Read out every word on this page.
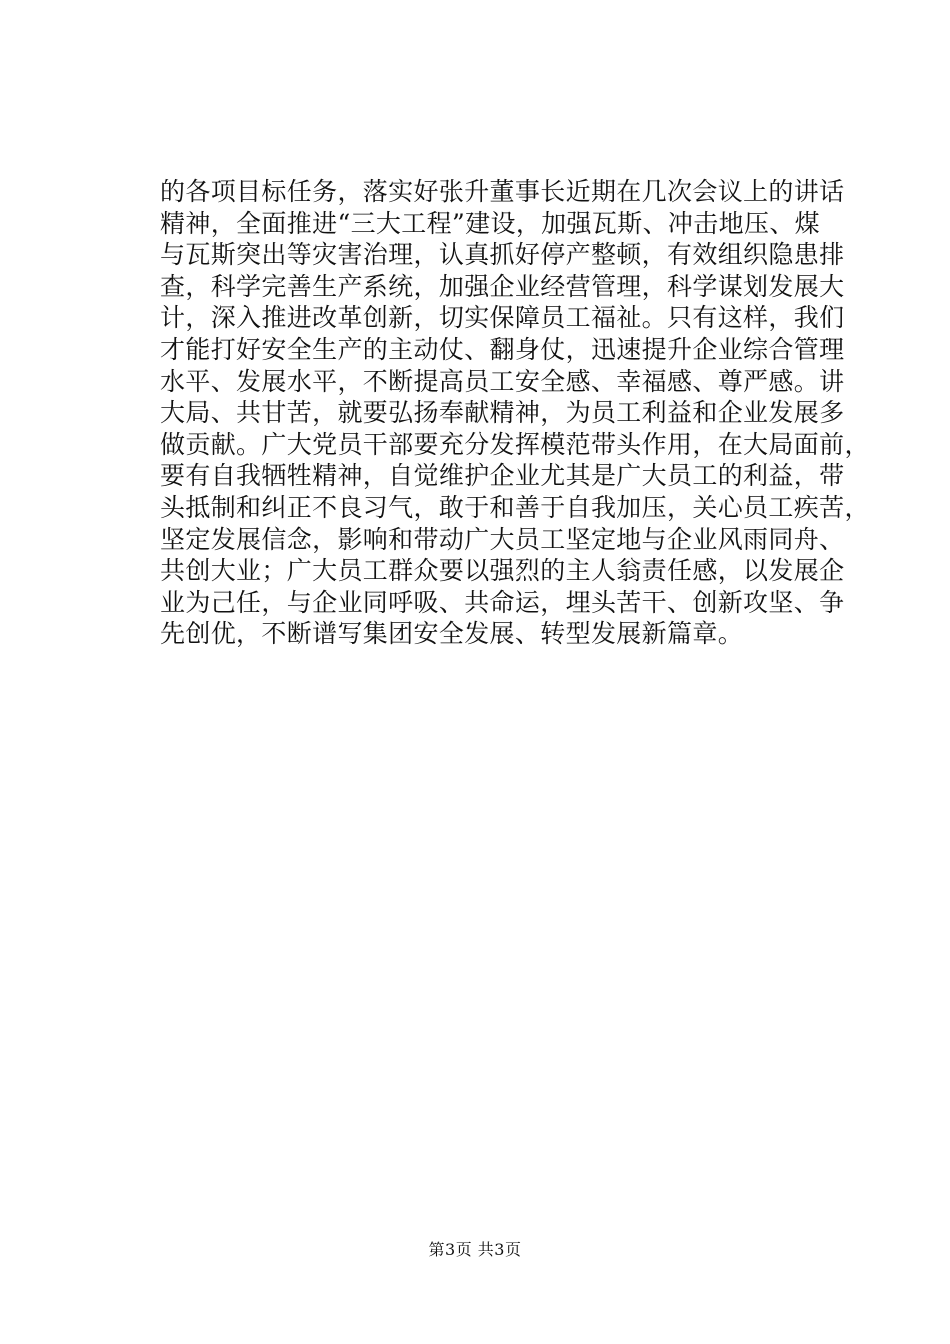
的各项目标任务，落实好张升董事长近期在几次会议上的讲话
精神，全面推进“三大工程”建设，加强瓦斯、冲击地压、煤
与瓦斯突出等灾害治理，认真抓好停产整顿，有效组织隐患排
查，科学完善生产系统，加强企业经营管理，科学谋划发展大
计，深入推进改革创新，切实保障员工福祉。只有这样，我们
才能打好安全生产的主动仗、翻身仗，迅速提升企业综合管理
水平、发展水平，不断提高员工安全感、幸福感、尊严感。讲
大局、共甘苦，就要弘扬奉献精神，为员工利益和企业发展多
做贡献。广大党员干部要充分发挥模范带头作用，在大局面前，
要有自我牺牲精神，自觉维护企业尤其是广大员工的利益，带
头抵制和纠正不良习气，敢于和善于自我加压，关心员工疾苦，
坚定发展信念，影响和带动广大员工坚定地与企业风雨同舟、
共创大业；广大员工群众要以强烈的主人翁责任感，以发展企
业为己任，与企业同呼吸、共命运，埋头苦干、创新攻坚、争
先创优，不断谱写集团安全发展、转型发展新篇章。
第3页 共3页
